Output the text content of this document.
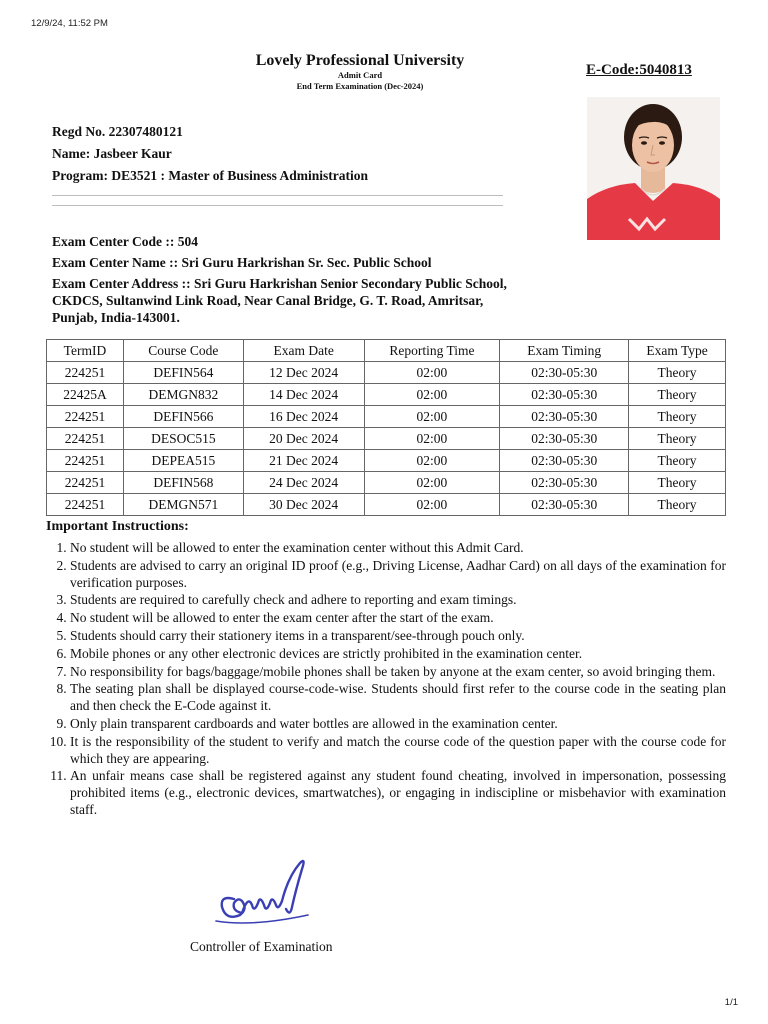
12/9/24, 11:52 PM
Lovely Professional University
Admit Card
End Term Examination (Dec-2024)
E-Code:5040813
Regd No. 22307480121
Name: Jasbeer Kaur
Program: DE3521 : Master of Business Administration
Exam Center Code :: 504
Exam Center Name :: Sri Guru Harkrishan Sr. Sec. Public School
Exam Center Address :: Sri Guru Harkrishan Senior Secondary Public School, CKDCS, Sultanwind Link Road, Near Canal Bridge, G. T. Road, Amritsar, Punjab, India-143001.
TermID	Course Code	Exam Date	Reporting Time	Exam Timing	Exam Type
224251	DEFIN564	12 Dec 2024	02:00	02:30-05:30	Theory
22425A	DEMGN832	14 Dec 2024	02:00	02:30-05:30	Theory
224251	DEFIN566	16 Dec 2024	02:00	02:30-05:30	Theory
224251	DESOC515	20 Dec 2024	02:00	02:30-05:30	Theory
224251	DEPEA515	21 Dec 2024	02:00	02:30-05:30	Theory
224251	DEFIN568	24 Dec 2024	02:00	02:30-05:30	Theory
224251	DEMGN571	30 Dec 2024	02:00	02:30-05:30	Theory
Important Instructions:
1. No student will be allowed to enter the examination center without this Admit Card.
2. Students are advised to carry an original ID proof (e.g., Driving License, Aadhar Card) on all days of the examination for verification purposes.
3. Students are required to carefully check and adhere to reporting and exam timings.
4. No student will be allowed to enter the exam center after the start of the exam.
5. Students should carry their stationery items in a transparent/see-through pouch only.
6. Mobile phones or any other electronic devices are strictly prohibited in the examination center.
7. No responsibility for bags/baggage/mobile phones shall be taken by anyone at the exam center, so avoid bringing them.
8. The seating plan shall be displayed course-code-wise. Students should first refer to the course code in the seating plan and then check the E-Code against it.
9. Only plain transparent cardboards and water bottles are allowed in the examination center.
10. It is the responsibility of the student to verify and match the course code of the question paper with the course code for which they are appearing.
11. An unfair means case shall be registered against any student found cheating, involved in impersonation, possessing prohibited items (e.g., electronic devices, smartwatches), or engaging in indiscipline or misbehavior with examination staff.
Controller of Examination
1/1
